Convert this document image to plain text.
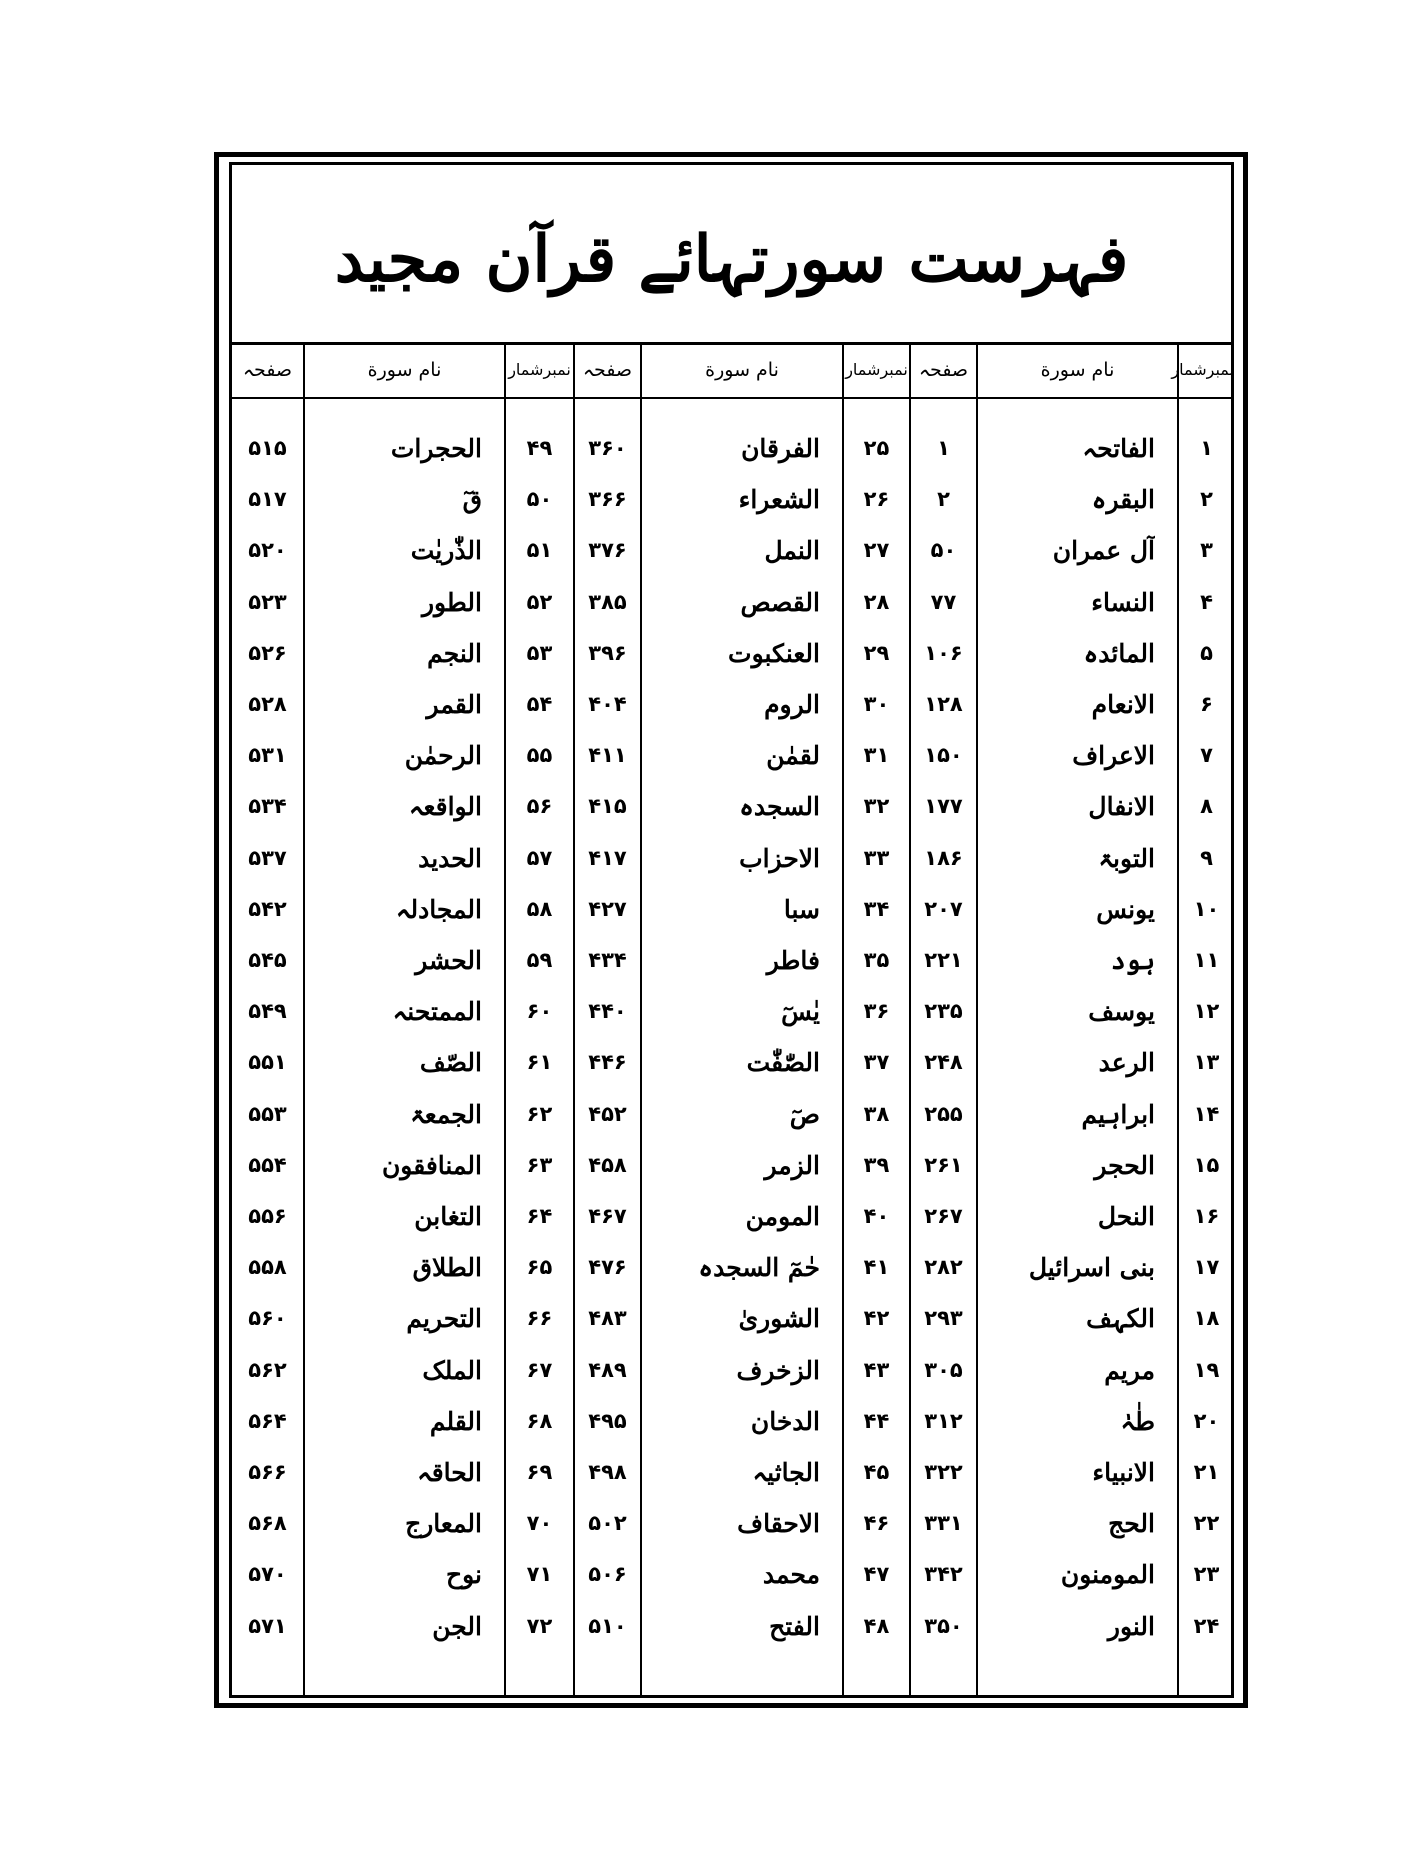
فہرست سورتہائے قرآن مجید
نمبرشمار
نام سورة
صفحہ
نمبرشمار
نام سورة
صفحہ
نمبرشمار
نام سورة
صفحہ
۱
الفاتحہ
۱
۲۵
الفرقان
۳۶۰
۴۹
الحجرات
۵۱۵
۲
البقرہ
۲
۲۶
الشعراء
۳۶۶
۵۰
قٓ
۵۱۷
۳
آل عمران
۵۰
۲۷
النمل
۳۷۶
۵۱
الذّٰریٰت
۵۲۰
۴
النساء
۷۷
۲۸
القصص
۳۸۵
۵۲
الطور
۵۲۳
۵
المائدہ
۱۰۶
۲۹
العنکبوت
۳۹۶
۵۳
النجم
۵۲۶
۶
الانعام
۱۲۸
۳۰
الروم
۴۰۴
۵۴
القمر
۵۲۸
۷
الاعراف
۱۵۰
۳۱
لقمٰن
۴۱۱
۵۵
الرحمٰن
۵۳۱
۸
الانفال
۱۷۷
۳۲
السجدہ
۴۱۵
۵۶
الواقعہ
۵۳۴
۹
التوبۃ
۱۸۶
۳۳
الاحزاب
۴۱۷
۵۷
الحدید
۵۳۷
۱۰
یونس
۲۰۷
۳۴
سبا
۴۲۷
۵۸
المجادلہ
۵۴۲
۱۱
ہود
۲۲۱
۳۵
فاطر
۴۳۴
۵۹
الحشر
۵۴۵
۱۲
یوسف
۲۳۵
۳۶
یٰسٓ
۴۴۰
۶۰
الممتحنہ
۵۴۹
۱۳
الرعد
۲۴۸
۳۷
الصّٰفّٰت
۴۴۶
۶۱
الصّف
۵۵۱
۱۴
ابراہیم
۲۵۵
۳۸
صٓ
۴۵۲
۶۲
الجمعۃ
۵۵۳
۱۵
الحجر
۲۶۱
۳۹
الزمر
۴۵۸
۶۳
المنافقون
۵۵۴
۱۶
النحل
۲۶۷
۴۰
المومن
۴۶۷
۶۴
التغابن
۵۵۶
۱۷
بنی اسرائیل
۲۸۲
۴۱
حٰمٓ السجدہ
۴۷۶
۶۵
الطلاق
۵۵۸
۱۸
الکہف
۲۹۳
۴۲
الشوریٰ
۴۸۳
۶۶
التحریم
۵۶۰
۱۹
مریم
۳۰۵
۴۳
الزخرف
۴۸۹
۶۷
الملک
۵۶۲
۲۰
طٰہٰ
۳۱۲
۴۴
الدخان
۴۹۵
۶۸
القلم
۵۶۴
۲۱
الانبیاء
۳۲۲
۴۵
الجاثیہ
۴۹۸
۶۹
الحاقہ
۵۶۶
۲۲
الحج
۳۳۱
۴۶
الاحقاف
۵۰۲
۷۰
المعارج
۵۶۸
۲۳
المومنون
۳۴۲
۴۷
محمد
۵۰۶
۷۱
نوح
۵۷۰
۲۴
النور
۳۵۰
۴۸
الفتح
۵۱۰
۷۲
الجن
۵۷۱
